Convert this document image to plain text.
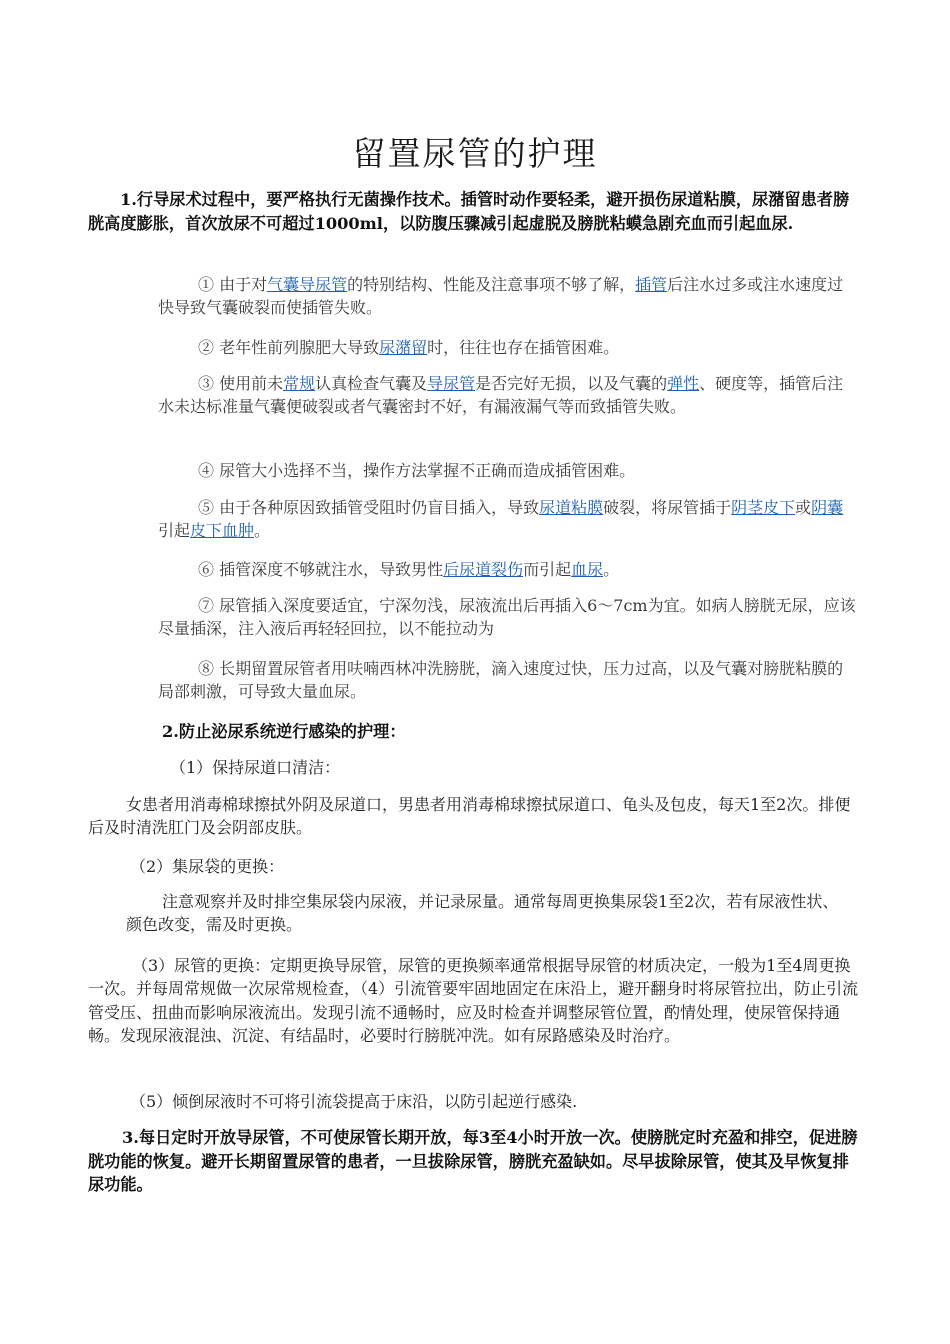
留置尿管的护理
1.行导尿术过程中，要严格执行无菌操作技术。插管时动作要轻柔，避开损伤尿道粘膜，尿潴留患者膀胱高度膨胀，首次放尿不可超过1000ml，以防腹压骤减引起虚脱及膀胱粘蟆急剧充血而引起血尿.
① 由于对气囊导尿管的特别结构、性能及注意事项不够了解，插管后注水过多或注水速度过快导致气囊破裂而使插管失败。
② 老年性前列腺肥大导致尿潴留时，往往也存在插管困难。
③ 使用前未常规认真检查气囊及导尿管是否完好无损，以及气囊的弹性、硬度等，插管后注水未达标准量气囊便破裂或者气囊密封不好，有漏液漏气等而致插管失败。
④ 尿管大小选择不当，操作方法掌握不正确而造成插管困难。
⑤ 由于各种原因致插管受阻时仍盲目插入，导致尿道粘膜破裂，将尿管插于阴茎皮下或阴囊引起皮下血肿。
⑥ 插管深度不够就注水，导致男性后尿道裂伤而引起血尿。
⑦ 尿管插入深度要适宜，宁深勿浅，尿液流出后再插入6～7cm为宜。如病人膀胱无尿，应该尽量插深，注入液后再轻轻回拉，以不能拉动为
⑧ 长期留置尿管者用呋喃西林冲洗膀胱，滴入速度过快，压力过高，以及气囊对膀胱粘膜的局部刺激，可导致大量血尿。
2.防止泌尿系统逆行感染的护理：
（1）保持尿道口清洁：
女患者用消毒棉球擦拭外阴及尿道口，男患者用消毒棉球擦拭尿道口、龟头及包皮，每天1至2次。排便后及时清洗肛门及会阴部皮肤。
（2）集尿袋的更换：
注意观察并及时排空集尿袋内尿液，并记录尿量。通常每周更换集尿袋1至2次，若有尿液性状、颜色改变，需及时更换。
（3）尿管的更换：定期更换导尿管，尿管的更换频率通常根据导尿管的材质决定，一般为1至4周更换一次。并每周常规做一次尿常规检查，（4）引流管要牢固地固定在床沿上，避开翻身时将尿管拉出，防止引流管受压、扭曲而影响尿液流出。发现引流不通畅时，应及时检查并调整尿管位置，酌情处理，使尿管保持通畅。发现尿液混浊、沉淀、有结晶时，必要时行膀胱冲洗。如有尿路感染及时治疗。
（5）倾倒尿液时不可将引流袋提高于床沿，以防引起逆行感染.
3.每日定时开放导尿管，不可使尿管长期开放，每3至4小时开放一次。使膀胱定时充盈和排空，促进膀胱功能的恢复。避开长期留置尿管的患者，一旦拔除尿管，膀胱充盈缺如。尽早拔除尿管，使其及早恢复排尿功能。
